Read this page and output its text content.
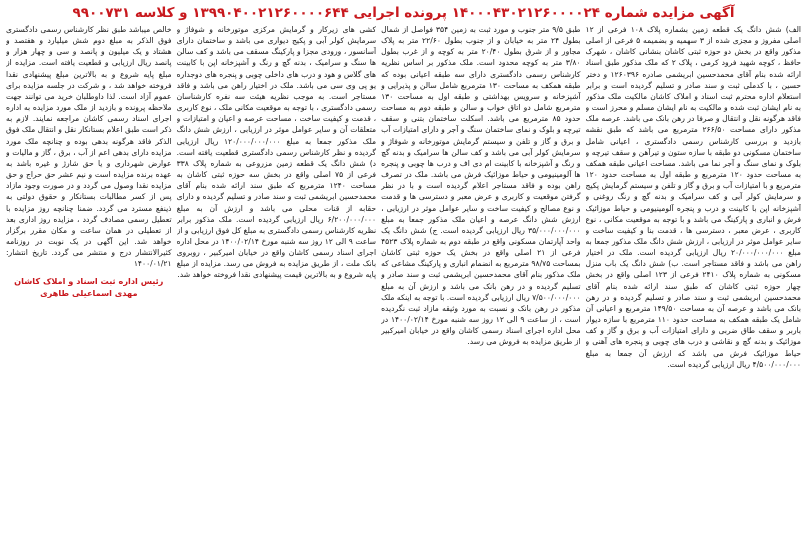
آگهی مزایده شماره ۱۴۰۰۰۴۳۰۲۱۲۶۰۰۰۰۲۴ پرونده اجرایی ۱۳۹۹۰۴۰۰۲۱۲۶۰۰۰۰۶۴۴ و کلاسه ۹۹۰۰۷۳۱

الف) شش دانگ یک قطعه زمین بشماره پلاک ۱۰۸ فرعی از ۱۲ اصلی مفروز و مجزی شده از ۳ سهمیه و بضمیمه ۵ فرعی از اصلی مذکور واقع در بخش دو حوزه ثبتی کاشان بنشانی کاشان ، شهرک حافظ ، کوچه شهید فرود کرمی ، پلاک ۲ که ملک مذکور طبق اسناد ارائه شده بنام آقای محمدحسین ابریشمی صادره ۱۲۶۰۳۹۶ و دختر حسین ، با کدملی ثبت و سند صادر و تسلیم گردیده است و برابر استعلام اداره محترم ثبت اسناد و املاک کاشان مالکیت ملک مذکور به نام ایشان ثبت شده و مالکیت به نام ایشان مسلم و محرز است و فاقد هرگونه نقل و انتقال و صرفا در رهن بانک می باشد. عرصه ملک مذکور دارای مساحت ۲۶۶/۵۰ مترمربع می باشد که طبق نقشه بازدید و بررسی کارشناس رسمی دادگستری ، اعیانی شامل ساختمان مسکونی دو طبقه با سازه ستون و تیرآهن و سقف تیرچه و بلوک و نمای سنگ و آجر نما می باشد. مساحت اعیانی طبقه همکف به مساحت حدود ۱۲۰ مترمربع و طبقه اول به مساحت حدود ۱۲۰ مترمربع و با امتیازات آب و برق و گاز و تلفن و سیستم گرمایش پکیج و سرمایش کولر آبی و کف سرامیک و بدنه گچ و رنگ روغنی و آشپزخانه اپن با کابینت و درب و پنجره آلومینیومی و حیاط موزائیک فرش و انباری و پارکینگ می باشد و با توجه به موقعیت مکانی ، نوع کاربری ، عرض معبر ، دسترسی ها ، قدمت بنا و کیفیت ساخت و سایر عوامل موثر در ارزیابی ، ارزش شش دانگ ملک مذکور جمعا به مبلغ ۲۰/۰۰۰/۰۰۰/۰۰۰ ریال ارزیابی گردیده است. ملک در اختیار راهن می باشد و فاقد مستاجر است. ب) شش دانگ یک باب منزل مسکونی به شماره پلاک ۲۴۱۰ فرعی از ۱۲۳ اصلی واقع در بخش چهار حوزه ثبتی کاشان که طبق سند ارائه شده بنام آقای محمدحسین ابریشمی ثبت و سند صادر و تسلیم گردیده و در رهن بانک می باشد و عرصه آن به مساحت ۱۴۹/۵۰ مترمربع و اعیانی آن شامل یک طبقه همکف به مساحت حدود ۱۱۰ مترمربع با سازه دیوار باربر و سقف طاق ضربی و دارای امتیازات آب و برق و گاز و کف موزائیک و بدنه گچ و نقاشی و درب های چوبی و پنجره های آهنی و حیاط موزائیک فرش می باشد که ارزش آن جمعا به مبلغ ۴/۵۰۰/۰۰۰/۰۰۰ ریال ارزیابی گردیده است.

طبق ۹/۵ متر جنوب و مورد ثبت به زمین ۳۵۴ فواصل از شمال بطول ۲۴ متر به خیابان و از جنوب بطول ۲۲/۶۰ متر به پلاک مجاور و از شرق بطول ۲۰/۴۰ متر به کوچه و از غرب بطول ۳/۸۰ متر به کوچه محدود است. ملک مذکور بر اساس نظریه کارشناس رسمی دادگستری دارای سه طبقه اعیانی بوده که طبقه همکف به مساحت ۱۳۰ مترمربع شامل سالن و پذیرایی و آشپزخانه و سرویس بهداشتی و طبقه اول به مساحت ۱۳۰ مترمربع شامل دو اتاق خواب و سالن و طبقه دوم به مساحت حدود ۸۵ مترمربع می باشد. اسکلت ساختمان بتنی و سقف تیرچه و بلوک و نمای ساختمان سنگ و آجر و دارای امتیازات آب و برق و گاز و تلفن و سیستم گرمایش موتورخانه و شوفاژ و سرمایش کولر آبی می باشد و کف سالن ها سرامیک و بدنه گچ و رنگ و آشپزخانه با کابینت ام دی اف و درب ها چوبی و پنجره ها آلومینیومی و حیاط موزائیک فرش می باشد. ملک در تصرف راهن بوده و فاقد مستاجر اعلام گردیده است و با در نظر گرفتن موقعیت و کاربری و عرض معبر و دسترسی ها و قدمت و نوع مصالح و کیفیت ساخت و سایر عوامل موثر در ارزیابی ، ارزش شش دانگ عرصه و اعیان ملک مذکور جمعا به مبلغ ۳۵/۰۰۰/۰۰۰/۰۰۰ ریال ارزیابی گردیده است. ج) شش دانگ یک واحد آپارتمان مسکونی واقع در طبقه دوم به شماره پلاک ۴۵۲۳ فرعی از ۲۱ اصلی واقع در بخش یک حوزه ثبتی کاشان بمساحت ۹۸/۷۵ مترمربع به انضمام انباری و پارکینگ مشاعی که ملک مذکور بنام آقای محمدحسین ابریشمی ثبت و سند صادر و تسلیم گردیده و در رهن بانک می باشد و ارزش آن به مبلغ ۷/۵۰۰/۰۰۰/۰۰۰ ریال ارزیابی گردیده است. با توجه به اینکه ملک مذکور در رهن بانک و نسبت به مورد وثیقه مازاد ثبت نگردیده است ، از ساعت ۹ الی ۱۲ روز سه شنبه مورخ ۱۴۰۰/۰۲/۱۴ در محل اداره اجرای اسناد رسمی کاشان واقع در خیابان امیرکبیر از طریق مزایده به فروش می رسد.

کشی های زیرکار و گرمایش مرکزی موتورخانه و شوفاژ و سرمایش کولر آبی و پکیج دیواری می باشد و ساختمان دارای آسانسور ، ورودی مجزا و پارکینگ مسقف می باشد و کف سالن ها سنگ و سرامیک ، بدنه گچ و رنگ و آشپزخانه اپن با کابینت های گلاس و هود و درب های داخلی چوبی و پنجره های دوجداره یو پی وی سی می باشد. ملک در اختیار راهن می باشد و فاقد مستاجر است. به موجب نظریه هیئت سه نفره کارشناسان رسمی دادگستری ، با توجه به موقعیت مکانی ملک ، نوع کاربری ، قدمت و کیفیت ساخت ، مساحت عرصه و اعیان و امتیازات و متعلقات آن و سایر عوامل موثر در ارزیابی ، ارزش شش دانگ ملک مذکور جمعا به مبلغ ۱۲۰/۰۰۰/۰۰۰/۰۰۰ ریال ارزیابی گردیده و نظر کارشناس رسمی دادگستری قطعیت یافته است. د) شش دانگ یک قطعه زمین مزروعی به شماره پلاک ۳۳۸ فرعی از ۷۵ اصلی واقع در بخش سه حوزه ثبتی کاشان به مساحت ۱۲۴۰ مترمربع که طبق سند ارائه شده بنام آقای محمدحسین ابریشمی ثبت و سند صادر و تسلیم گردیده و دارای حقابه از قنات محلی می باشد و ارزش آن به مبلغ ۶/۲۰۰/۰۰۰/۰۰۰ ریال ارزیابی گردیده است. ملک مذکور برابر نظریه کارشناس رسمی دادگستری به مبلغ کل فوق ارزیابی و از ساعت ۹ الی ۱۲ روز سه شنبه مورخ ۱۴۰۰/۰۲/۱۴ در محل اداره اجرای اسناد رسمی کاشان واقع در خیابان امیرکبیر ، روبروی بانک ملت ، از طریق مزایده به فروش می رسد. مزایده از مبلغ پایه شروع و به بالاترین قیمت پیشنهادی نقدا فروخته خواهد شد.

خالص میباشد طبق نظر کارشناس رسمی دادگستری فوق الذکر به مبلغ دوم شش میلیارد و هفتصد و هشتاد و یک میلیون و پانصد و سی و چهار هزار و پانصد ریال ارزیابی و قطعیت یافته است. مزایده از مبلغ پایه شروع و به بالاترین مبلغ پیشنهادی نقدا فروخته خواهد شد ، و شرکت در جلسه مزایده برای عموم آزاد است. لذا داوطلبان خرید می توانند جهت ملاحظه پرونده و بازدید از ملک مورد مزایده به اداره اجرای اسناد رسمی کاشان مراجعه نمایند. لازم به ذکر است طبق اعلام بستانکار نقل و انتقال ملک فوق الذکر فاقد هرگونه بدهی بوده و چنانچه ملک مورد مزایده دارای بدهی اعم از آب ، برق ، گاز و مالیات و عوارض شهرداری و یا حق شارژ و غیره باشد به عهده برنده مزایده است و نیم عشر حق حراج و حق مزایده نقدا وصول می گردد و در صورت وجود مازاد پس از کسر مطالبات بستانکار و حقوق دولتی به ذینفع مسترد می گردد. ضمنا چنانچه روز مزایده با تعطیل رسمی مصادف گردد ، مزایده روز اداری بعد از تعطیلی در همان ساعت و مکان مقرر برگزار خواهد شد. این آگهی در یک نوبت در روزنامه کثیرالانتشار درج و منتشر می گردد. تاریخ انتشار: ۱۴۰۰/۰۱/۲۱

رئیس اداره ثبت اسناد و املاک کاشان
مهدی اسماعیلی طاهری
